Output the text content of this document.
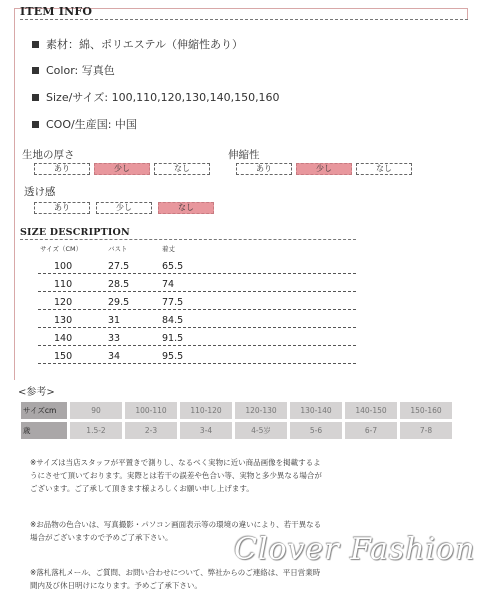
ITEM INFO
素材：綿、ポリエステル（伸縮性あり）
Color: 写真色
Size/サイズ: 100,110,120,130,140,150,160
COO/生産国: 中国
生地の厚さ
あり	少し	なし
伸縮性
あり	少し	なし
透け感
あり	少し	なし
SIZE DESCRIPTION
サイズ（CM）	バスト	着丈
100	27.5	65.5
110	28.5	74
120	29.5	77.5
130	31	84.5
140	33	91.5
150	34	95.5
<参考>
サイズcm	90	100-110	110-120	120-130	130-140	140-150	150-160
歳	1.5-2	2-3	3-4	4-5岁	5-6	6-7	7-8
※サイズは当店スタッフが平置きで測りし、なるべく実物に近い商品画像を掲載するよ
うにさせて頂いております。実際とは若干の誤差や色合い等、実物と多少異なる場合が
ございます。ご了承して頂きます様よろしくお願い申し上げます。
※お品物の色合いは、写真撮影・パソコン画面表示等の環境の違いにより、若干異なる
場合がございますので予めご了承下さい。
※落札落札メール、ご質問、お問い合わせについて、弊社からのご連絡は、平日営業時
間内及び休日明けになります。予めご了承下さい。
Clover Fashion
